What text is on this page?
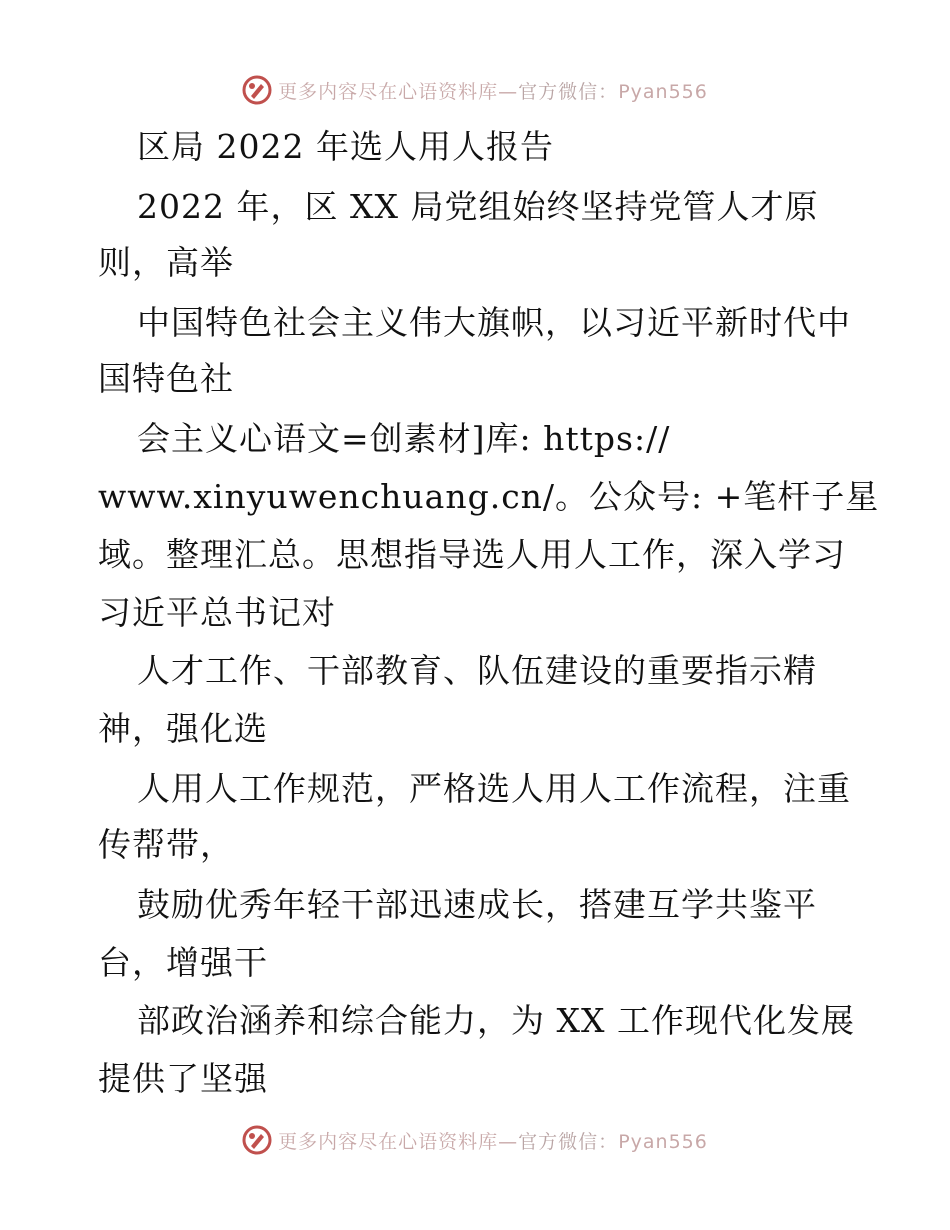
更多内容尽在心语资料库—官方微信：Pyan556
区局 2022 年选人用人报告
2022 年，区 XX 局党组始终坚持党管人才原
则，高举
中国特色社会主义伟大旗帜，以习近平新时代中
国特色社
会主义心语文=创素材]库: https://
www.xinyuwenchuang.cn/。公众号: +笔杆子星
域。整理汇总。思想指导选人用人工作，深入学习
习近平总书记对
人才工作、干部教育、队伍建设的重要指示精
神，强化选
人用人工作规范，严格选人用人工作流程，注重
传帮带，
鼓励优秀年轻干部迅速成长，搭建互学共鉴平
台，增强干
部政治涵养和综合能力，为 XX 工作现代化发展
提供了坚强
更多内容尽在心语资料库—官方微信：Pyan556
